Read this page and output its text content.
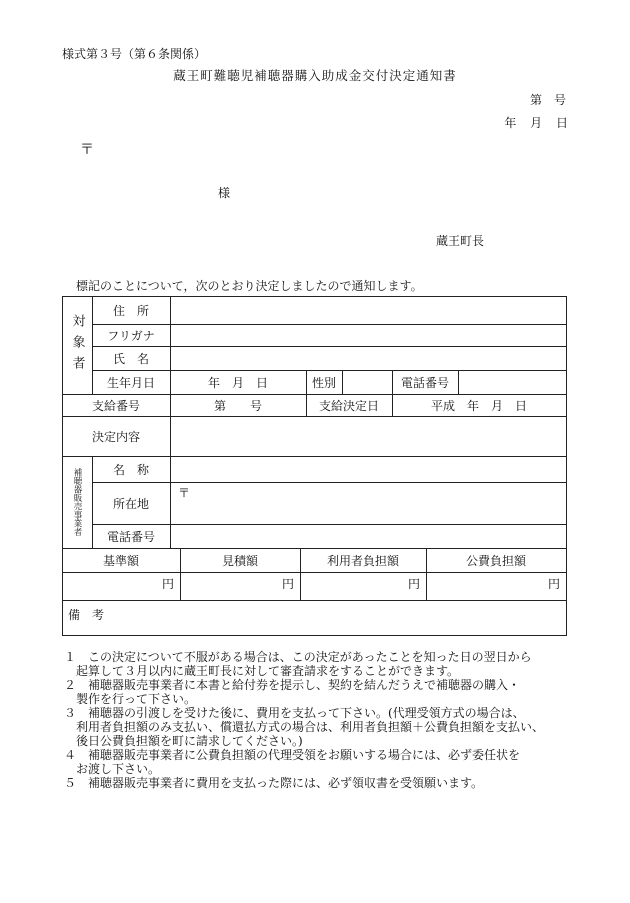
様式第３号（第６条関係）
蔵王町難聴児補聴器購入助成金交付決定通知書
第　号
年 月 日
〒
様
蔵王町長
標記のことについて，次のとおり決定しましたので通知します。
対象者
住　所
フリガナ
氏　名
生年月日	年　月　日	性別	電話番号
支給番号	第　　号	支給決定日	平成　年　月　日
決定内容
補聴器販売事業者	名　称
所在地
〒
電話番号
基準額	見積額	利用者負担額	公費負担額
円	円	円	円
備　考
１　この決定について不服がある場合は、この決定があったことを知った日の翌日から
　起算して３月以内に蔵王町長に対して審査請求をすることができます。
２　補聴器販売事業者に本書と給付券を提示し、契約を結んだうえで補聴器の購入・
　製作を行って下さい。
３　補聴器の引渡しを受けた後に、費用を支払って下さい。(代理受領方式の場合は、
　利用者負担額のみ支払い、償還払方式の場合は、利用者負担額＋公費負担額を支払い、
　後日公費負担額を町に請求してください。)
４　補聴器販売事業者に公費負担額の代理受領をお願いする場合には、必ず委任状を
　お渡し下さい。
５　補聴器販売事業者に費用を支払った際には、必ず領収書を受領願います。
